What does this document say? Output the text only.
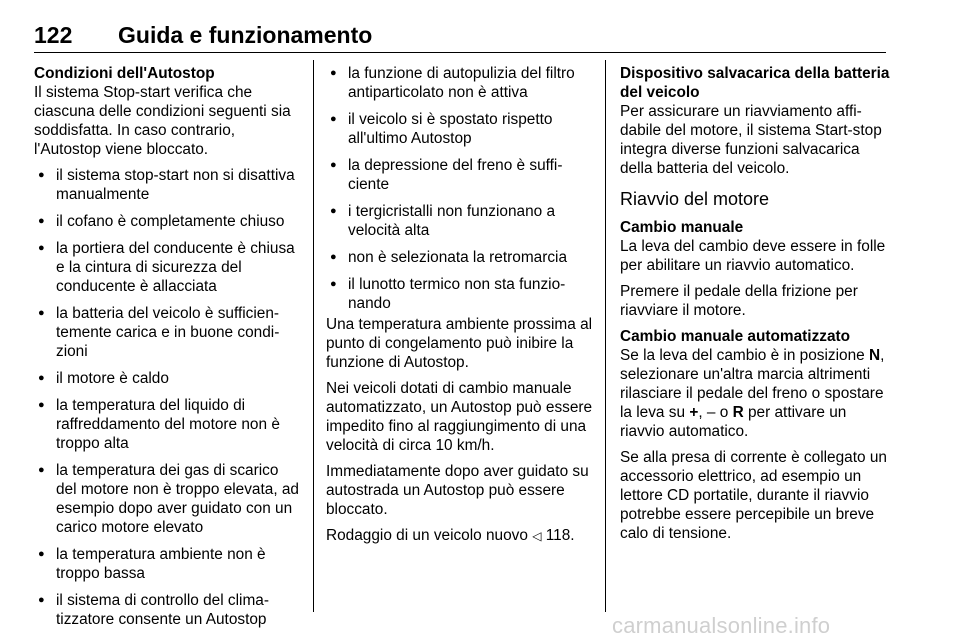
122 Guida e funzionamento
Condizioni dell'Autostop

Il sistema Stop-start verifica che ciascuna delle condizioni seguenti sia soddisfatta. In caso contrario, l'Autostop viene bloccato.

● il sistema stop-start non si disattiva manualmente
● il cofano è completamente chiuso
● la portiera del conducente è chiusa e la cintura di sicurezza del conducente è allacciata
● la batteria del veicolo è sufficientemente carica e in buone condizioni
● il motore è caldo
● la temperatura del liquido di raffreddamento del motore non è troppo alta
● la temperatura dei gas di scarico del motore non è troppo elevata, ad esempio dopo aver guidato con un carico motore elevato
● la temperatura ambiente non è troppo bassa
● il sistema di controllo del climatizzatore consente un Autostop
● la funzione di autopulizia del filtro antiparticolato non è attiva
● il veicolo si è spostato rispetto all'ultimo Autostop
● la depressione del freno è sufficiente
● i tergicristalli non funzionano a velocità alta
● non è selezionata la retromarcia
● il lunotto termico non sta funzionando

Una temperatura ambiente prossima al punto di congelamento può inibire la funzione di Autostop.

Nei veicoli dotati di cambio manuale automatizzato, un Autostop può essere impedito fino al raggiungimento di una velocità di circa 10 km/h.

Immediatamente dopo aver guidato su autostrada un Autostop può essere bloccato.

Rodaggio di un veicolo nuovo ◁ 118.

Dispositivo salvacarica della batteria del veicolo

Per assicurare un riavviamento affidabile del motore, il sistema Start-stop integra diverse funzioni salvacarica della batteria del veicolo.

Riavvio del motore
Cambio manuale

La leva del cambio deve essere in folle per abilitare un riavvio automatico.

Premere il pedale della frizione per riavviare il motore.

Cambio manuale automatizzato

Se la leva del cambio è in posizione N, selezionare un'altra marcia altrimenti rilasciare il pedale del freno o spostare la leva su +, – o R per attivare un riavvio automatico.

Se alla presa di corrente è collegato un accessorio elettrico, ad esempio un lettore CD portatile, durante il riavvio potrebbe essere percepibile un breve calo di tensione.

carmanualsonline.info
